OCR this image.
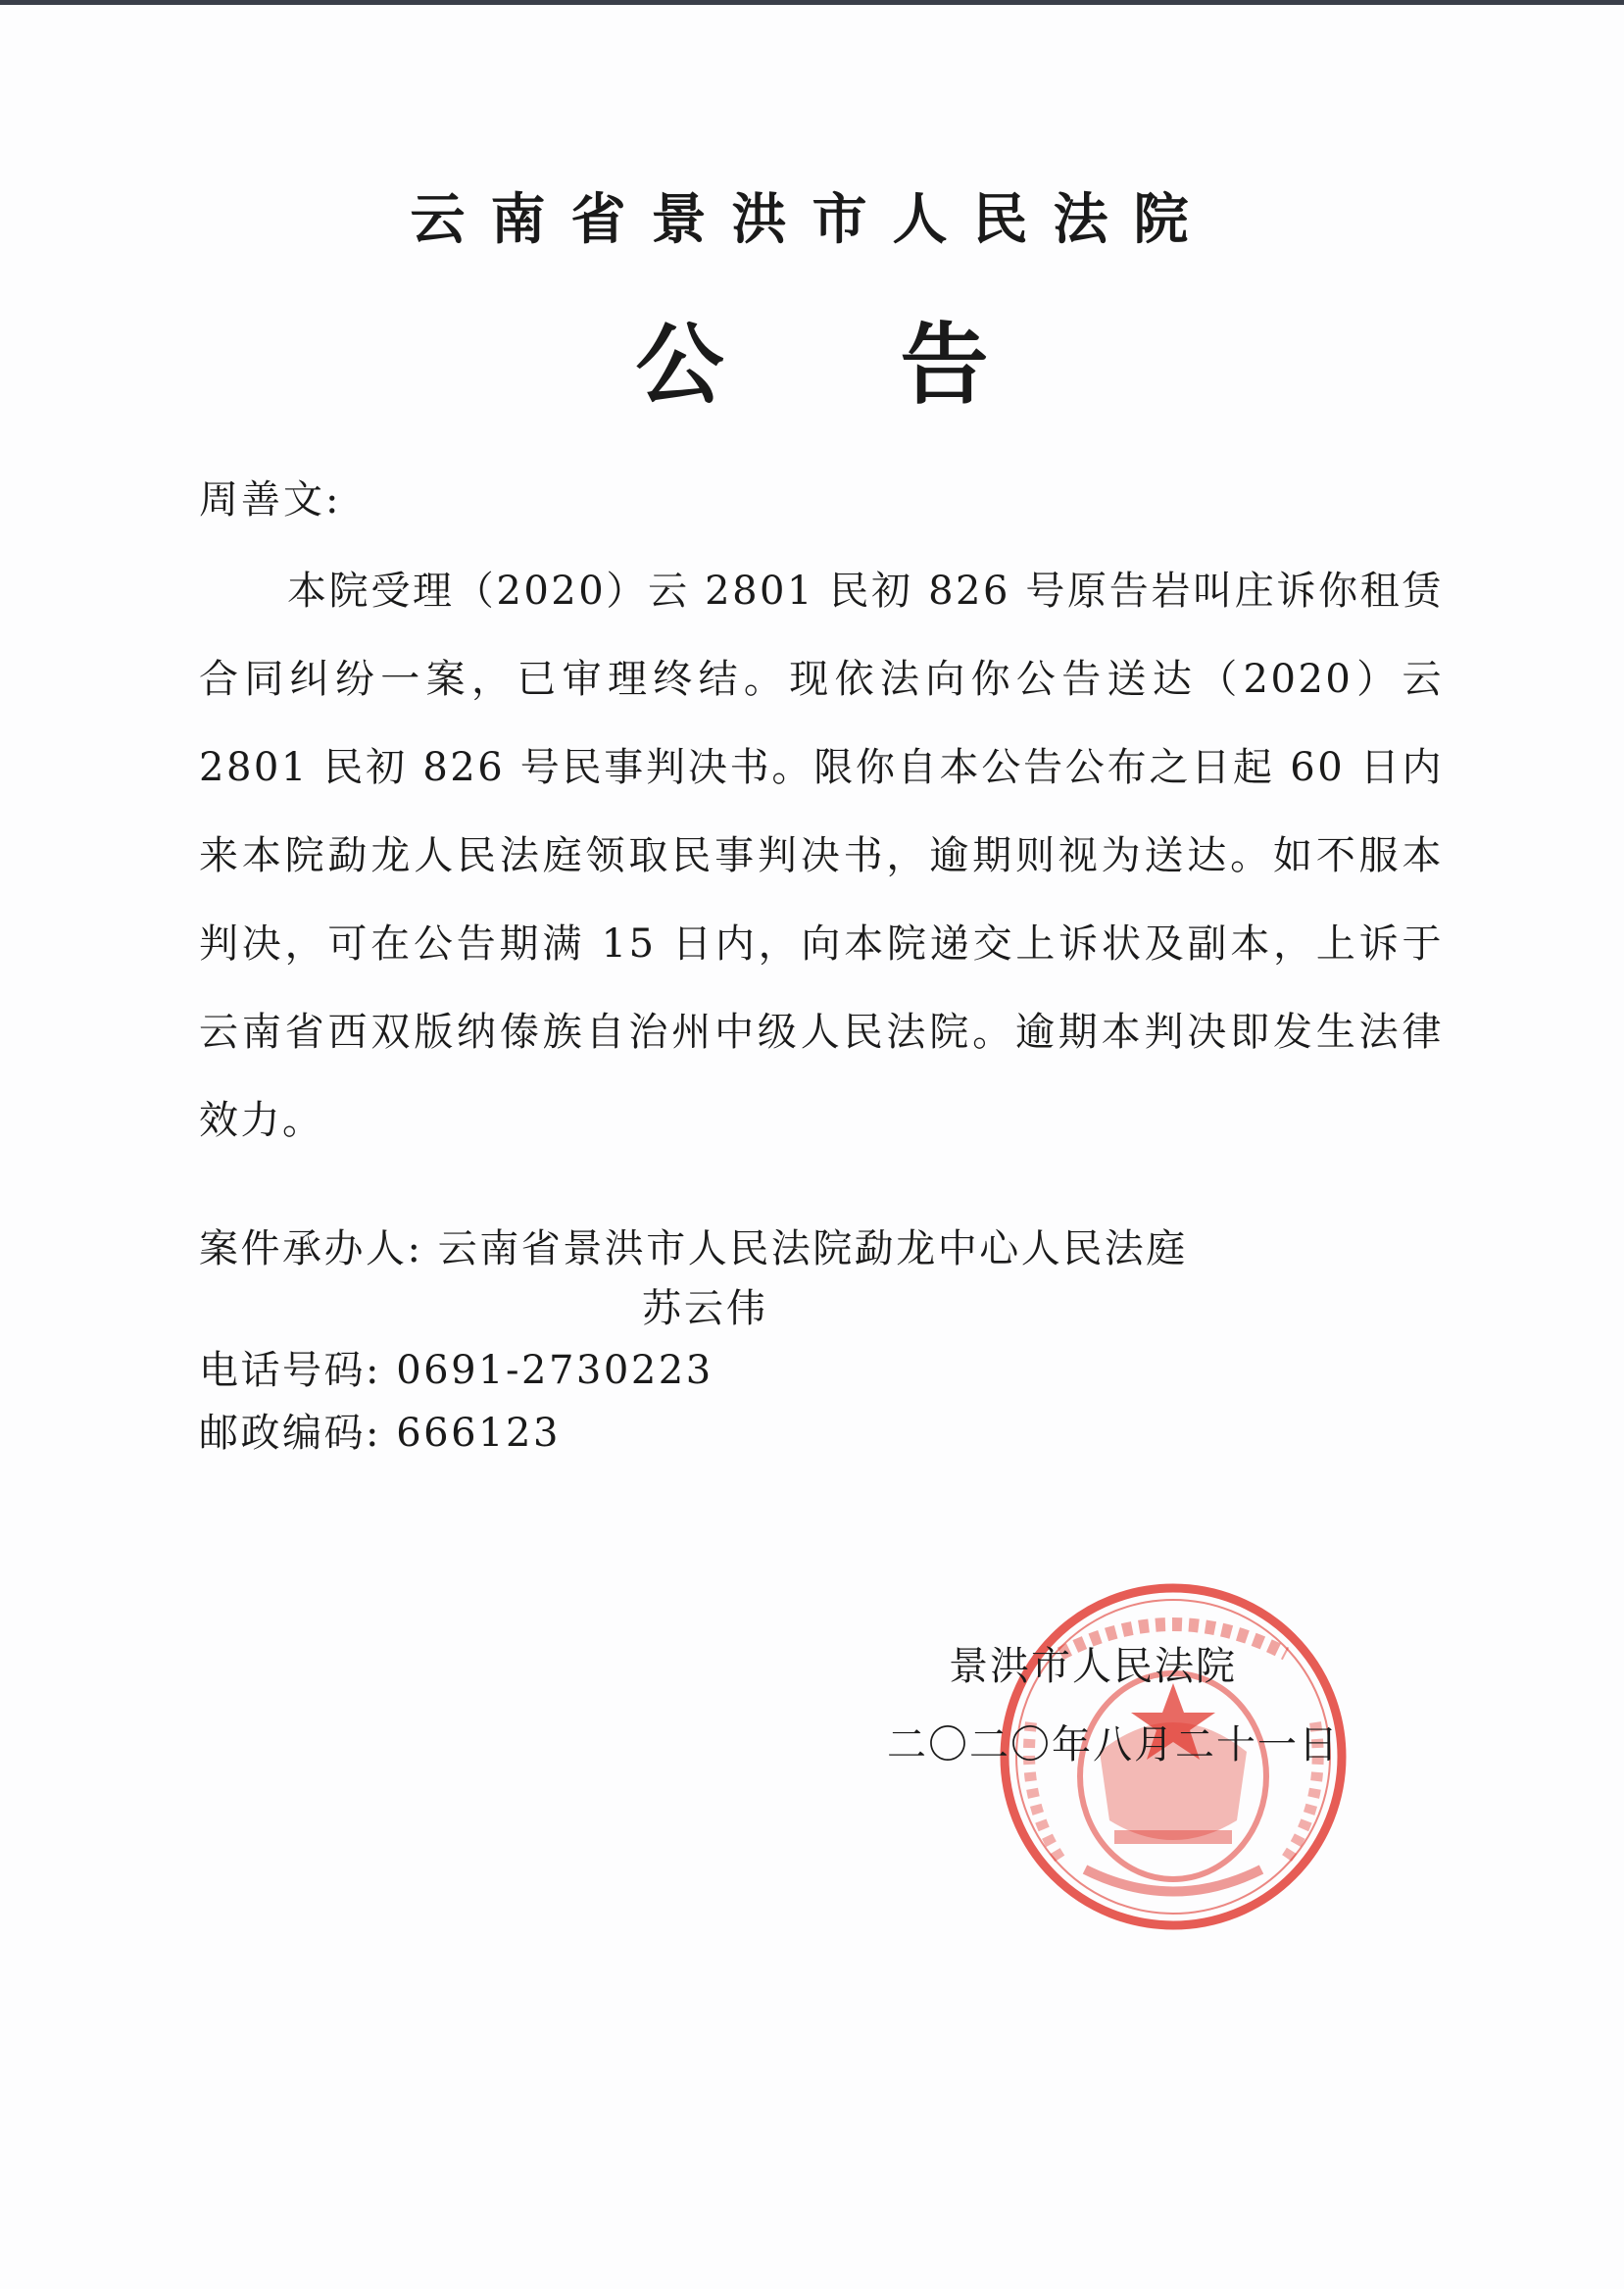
云南省景洪市人民法院
公 告
周善文:
本院受理（2020）云 2801 民初 826 号原告岩叫庄诉你租赁合同纠纷一案，已审理终结。现依法向你公告送达（2020）云 2801 民初 826 号民事判决书。限你自本公告公布之日起 60 日内来本院勐龙人民法庭领取民事判决书，逾期则视为送达。如不服本判决，可在公告期满 15 日内，向本院递交上诉状及副本，上诉于云南省西双版纳傣族自治州中级人民法院。逾期本判决即发生法律效力。
案件承办人: 云南省景洪市人民法院勐龙中心人民法庭
苏云伟
电话号码: 0691-2730223
邮政编码: 666123
景洪市人民法院
二〇二〇年八月二十一日
